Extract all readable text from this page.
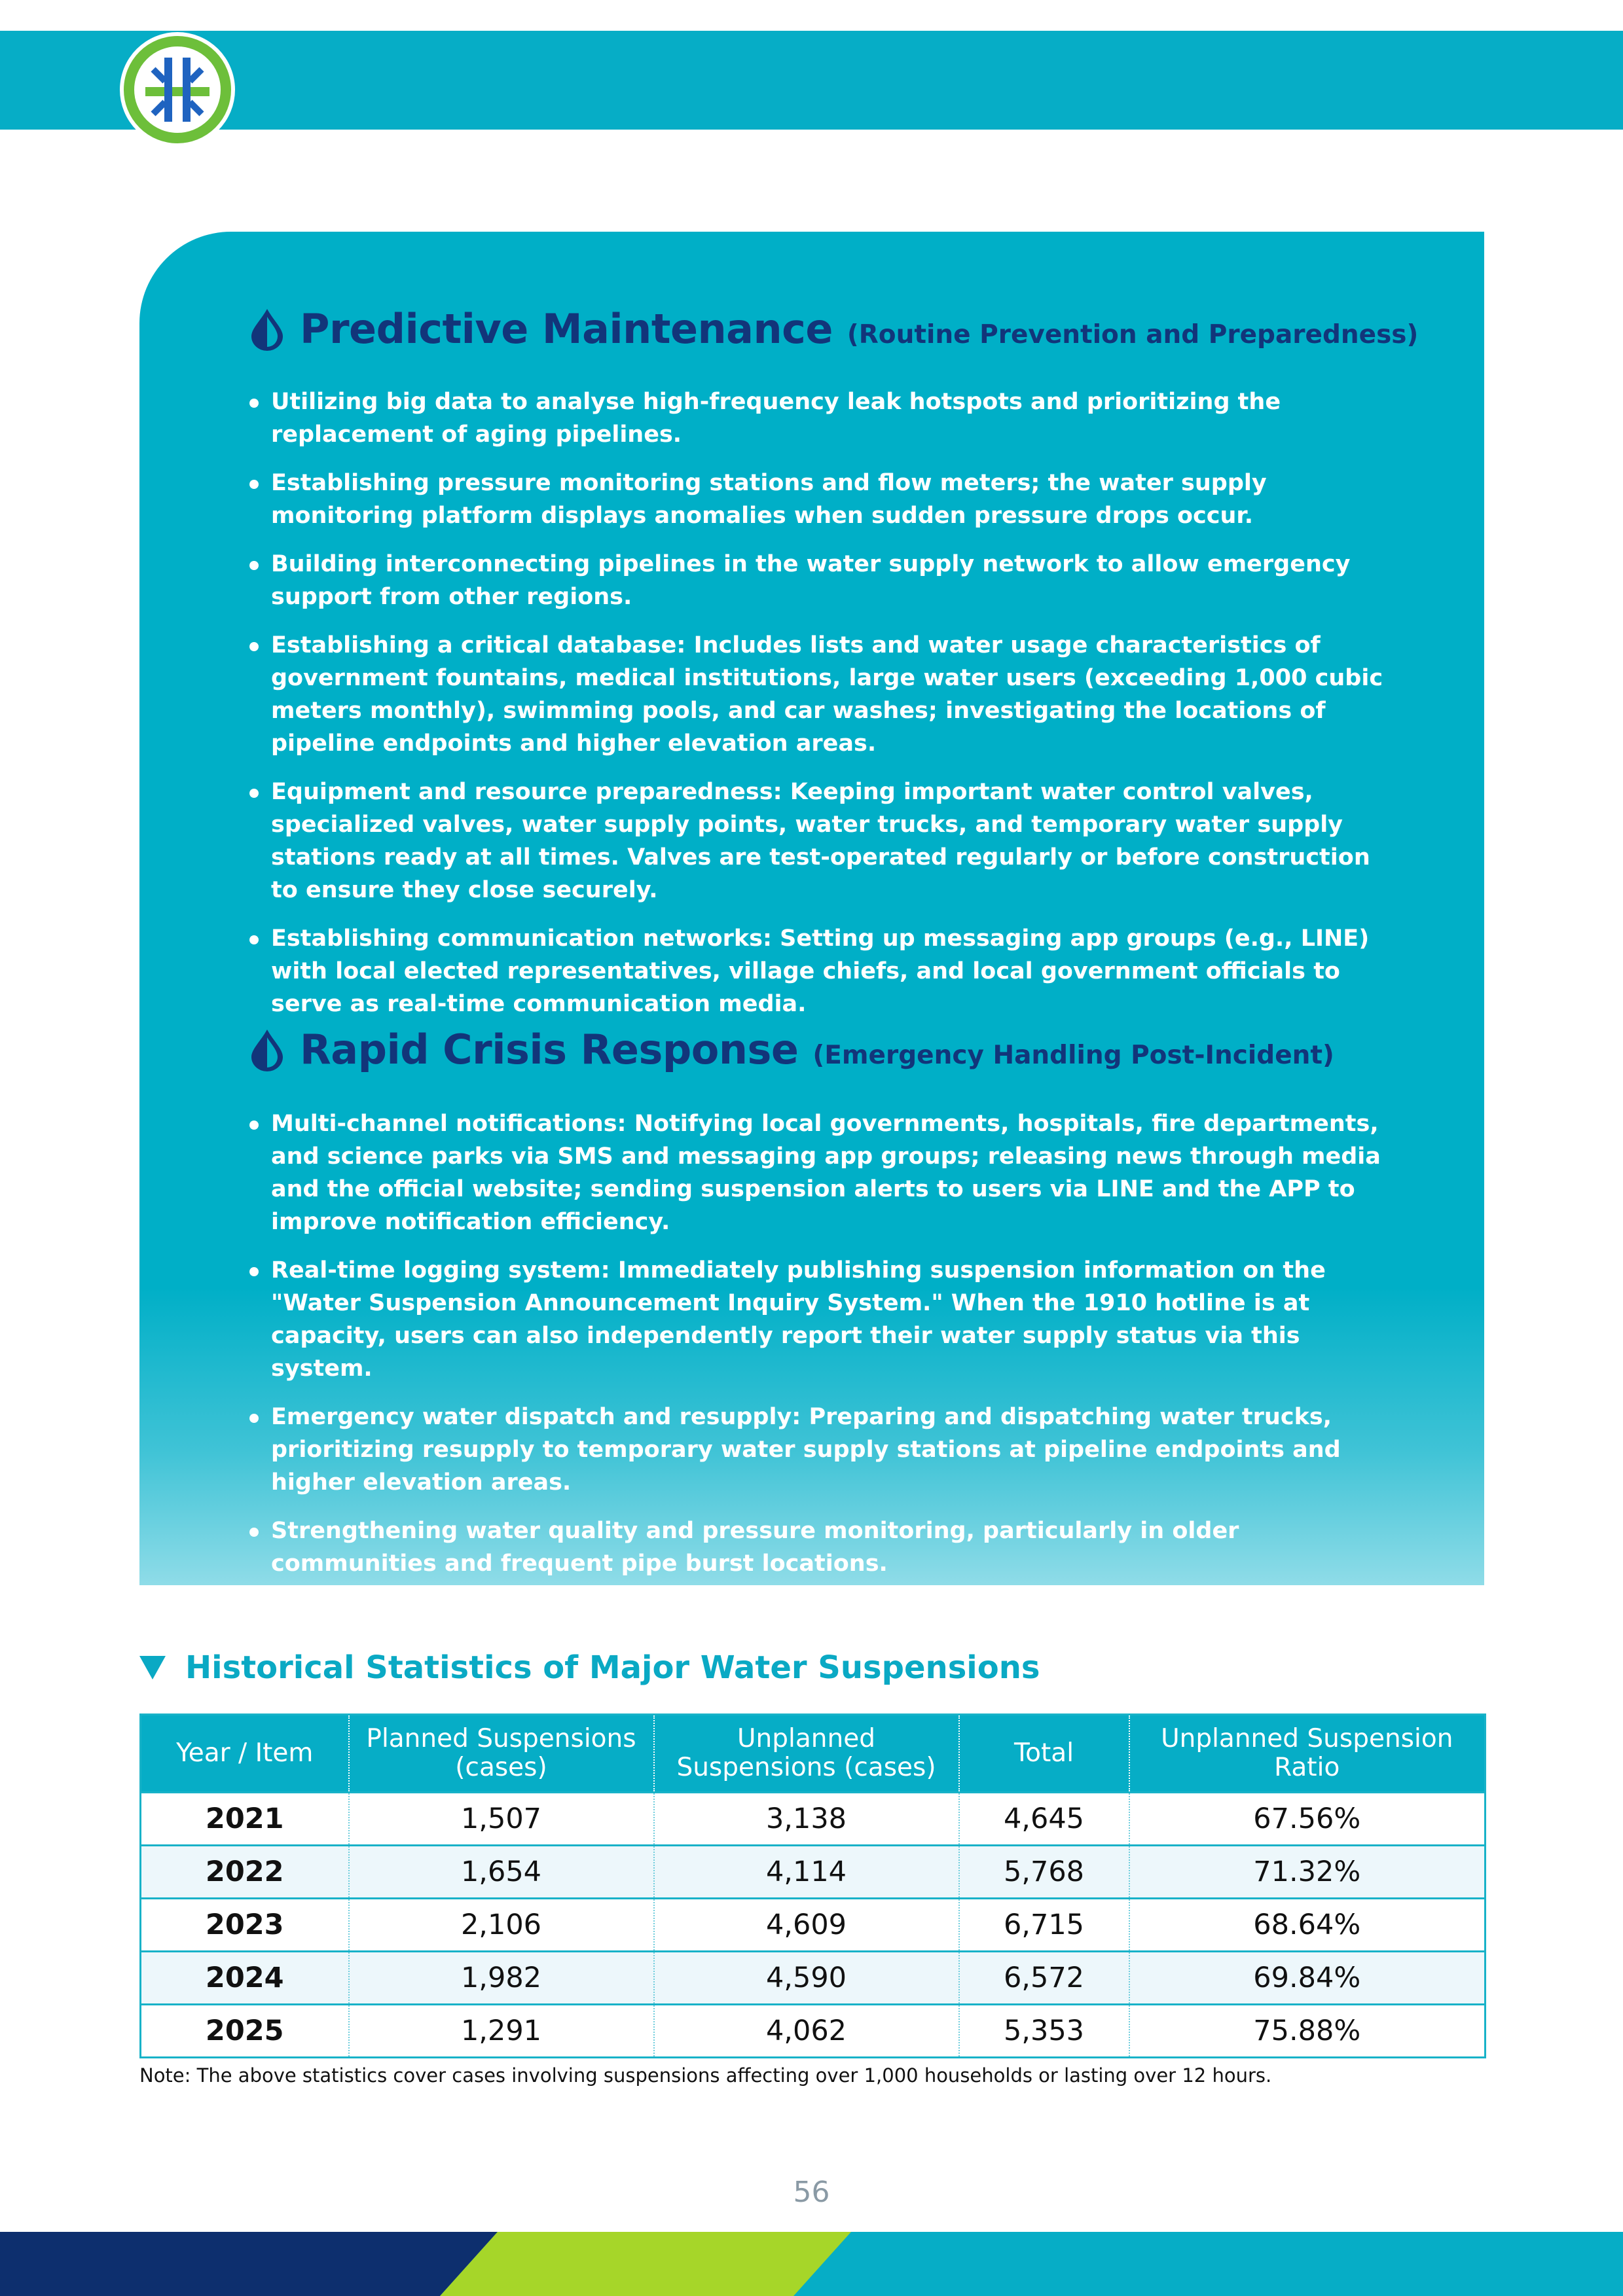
Predictive Maintenance (Routine Prevention and Preparedness)
Utilizing big data to analyse high-frequency leak hotspots and prioritizing the replacement of aging pipelines.
Establishing pressure monitoring stations and flow meters; the water supply monitoring platform displays anomalies when sudden pressure drops occur.
Building interconnecting pipelines in the water supply network to allow emergency support from other regions.
Establishing a critical database: Includes lists and water usage characteristics of government fountains, medical institutions, large water users (exceeding 1,000 cubic meters monthly), swimming pools, and car washes; investigating the locations of pipeline endpoints and higher elevation areas.
Equipment and resource preparedness: Keeping important water control valves, specialized valves, water supply points, water trucks, and temporary water supply stations ready at all times. Valves are test-operated regularly or before construction to ensure they close securely.
Establishing communication networks: Setting up messaging app groups (e.g., LINE) with local elected representatives, village chiefs, and local government officials to serve as real-time communication media.
Rapid Crisis Response (Emergency Handling Post-Incident)
Multi-channel notifications: Notifying local governments, hospitals, fire departments, and science parks via SMS and messaging app groups; releasing news through media and the official website; sending suspension alerts to users via LINE and the APP to improve notification efficiency.
Real-time logging system: Immediately publishing suspension information on the "Water Suspension Announcement Inquiry System." When the 1910 hotline is at capacity, users can also independently report their water supply status via this system.
Emergency water dispatch and resupply: Preparing and dispatching water trucks, prioritizing resupply to temporary water supply stations at pipeline endpoints and higher elevation areas.
Strengthening water quality and pressure monitoring, particularly in older communities and frequent pipe burst locations.
Historical Statistics of Major Water Suspensions
Year / Item	Planned Suspensions (cases)	Unplanned Suspensions (cases)	Total	Unplanned Suspension Ratio
2021	1,507	3,138	4,645	67.56%
2022	1,654	4,114	5,768	71.32%
2023	2,106	4,609	6,715	68.64%
2024	1,982	4,590	6,572	69.84%
2025	1,291	4,062	5,353	75.88%
Note: The above statistics cover cases involving suspensions affecting over 1,000 households or lasting over 12 hours.
56
